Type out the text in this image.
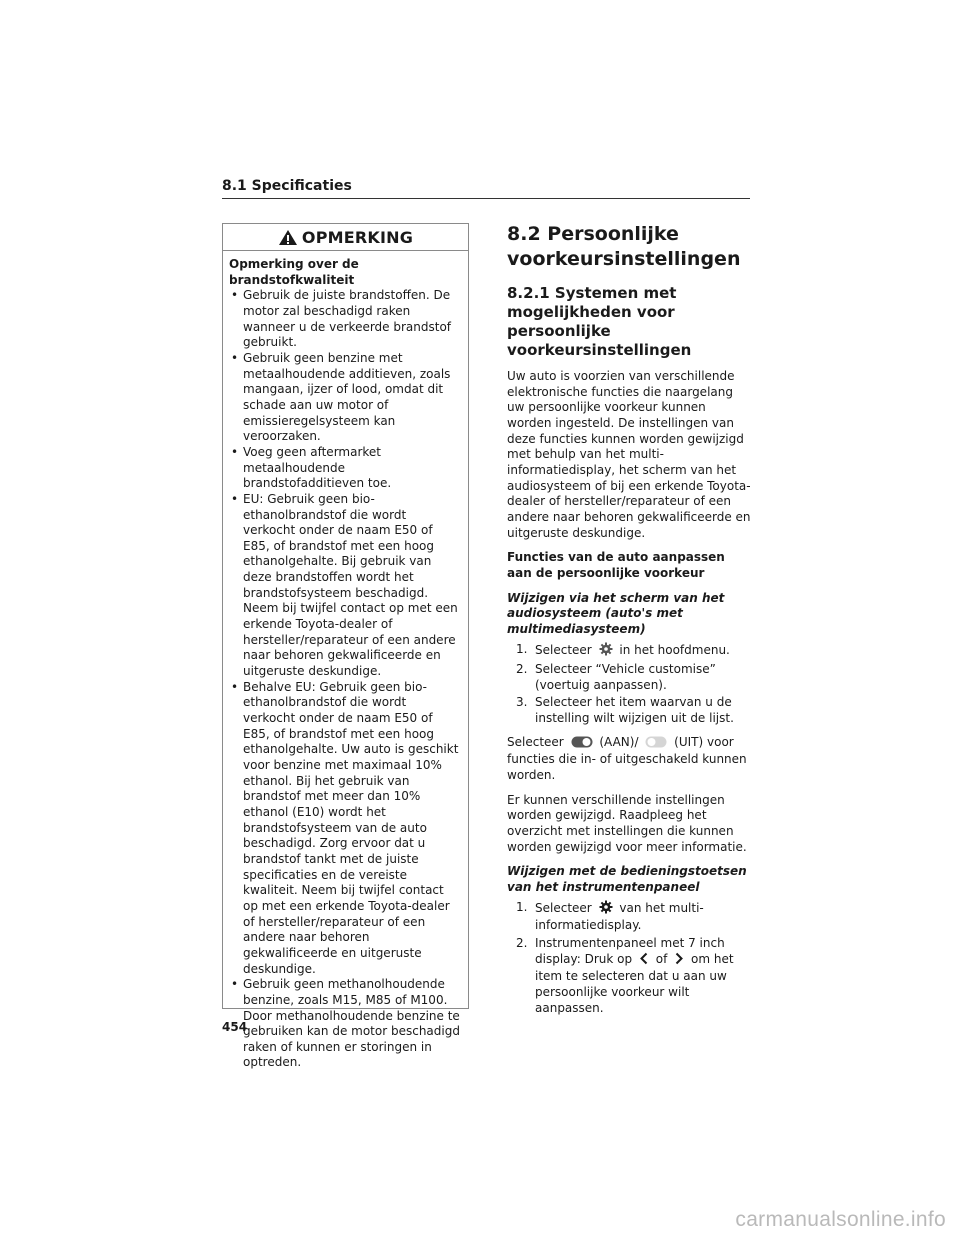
8.1 Specificaties
OPMERKING
Opmerking over de brandstofkwaliteit
• Gebruik de juiste brandstoffen. De motor zal beschadigd raken wanneer u de verkeerde brandstof gebruikt.
• Gebruik geen benzine met metaalhoudende additieven, zoals mangaan, ijzer of lood, omdat dit schade aan uw motor of emissieregelsysteem kan veroorzaken.
• Voeg geen aftermarket metaalhoudende brandstofadditieven toe.
• EU: Gebruik geen bio-ethanolbrandstof die wordt verkocht onder de naam E50 of E85, of brandstof met een hoog ethanolgehalte. Bij gebruik van deze brandstoffen wordt het brandstofsysteem beschadigd. Neem bij twijfel contact op met een erkende Toyota-dealer of hersteller/reparateur of een andere naar behoren gekwalificeerde en uitgeruste deskundige.
• Behalve EU: Gebruik geen bio-ethanolbrandstof die wordt verkocht onder de naam E50 of E85, of brandstof met een hoog ethanolgehalte. Uw auto is geschikt voor benzine met maximaal 10% ethanol. Bij het gebruik van brandstof met meer dan 10% ethanol (E10) wordt het brandstofsysteem van de auto beschadigd. Zorg ervoor dat u brandstof tankt met de juiste specificaties en de vereiste kwaliteit. Neem bij twijfel contact op met een erkende Toyota-dealer of hersteller/reparateur of een andere naar behoren gekwalificeerde en uitgeruste deskundige.
• Gebruik geen methanolhoudende benzine, zoals M15, M85 of M100. Door methanolhoudende benzine te gebruiken kan de motor beschadigd raken of kunnen er storingen in optreden.
8.2 Persoonlijke voorkeursinstellingen
8.2.1 Systemen met mogelijkheden voor persoonlijke voorkeursinstellingen
Uw auto is voorzien van verschillende elektronische functies die naargelang uw persoonlijke voorkeur kunnen worden ingesteld. De instellingen van deze functies kunnen worden gewijzigd met behulp van het multi-informatiedisplay, het scherm van het audiosysteem of bij een erkende Toyota-dealer of hersteller/reparateur of een andere naar behoren gekwalificeerde en uitgeruste deskundige.
Functies van de auto aanpassen aan de persoonlijke voorkeur
Wijzigen via het scherm van het audiosysteem (auto's met multimediasysteem)
1. Selecteer in het hoofdmenu.
2. Selecteer “Vehicle customise” (voertuig aanpassen).
3. Selecteer het item waarvan u de instelling wilt wijzigen uit de lijst.
Selecteer	(AAN)/	(UIT) voor functies die in- of uitgeschakeld kunnen worden.
Er kunnen verschillende instellingen worden gewijzigd. Raadpleeg het overzicht met instellingen die kunnen worden gewijzigd voor meer informatie.
Wijzigen met de bedieningstoetsen van het instrumentenpaneel
1. Selecteer van het multi-informatiedisplay.
2. Instrumentenpaneel met 7 inch display: Druk op of om het item te selecteren dat u aan uw persoonlijke voorkeur wilt aanpassen.
454
carmanualsonline.info
